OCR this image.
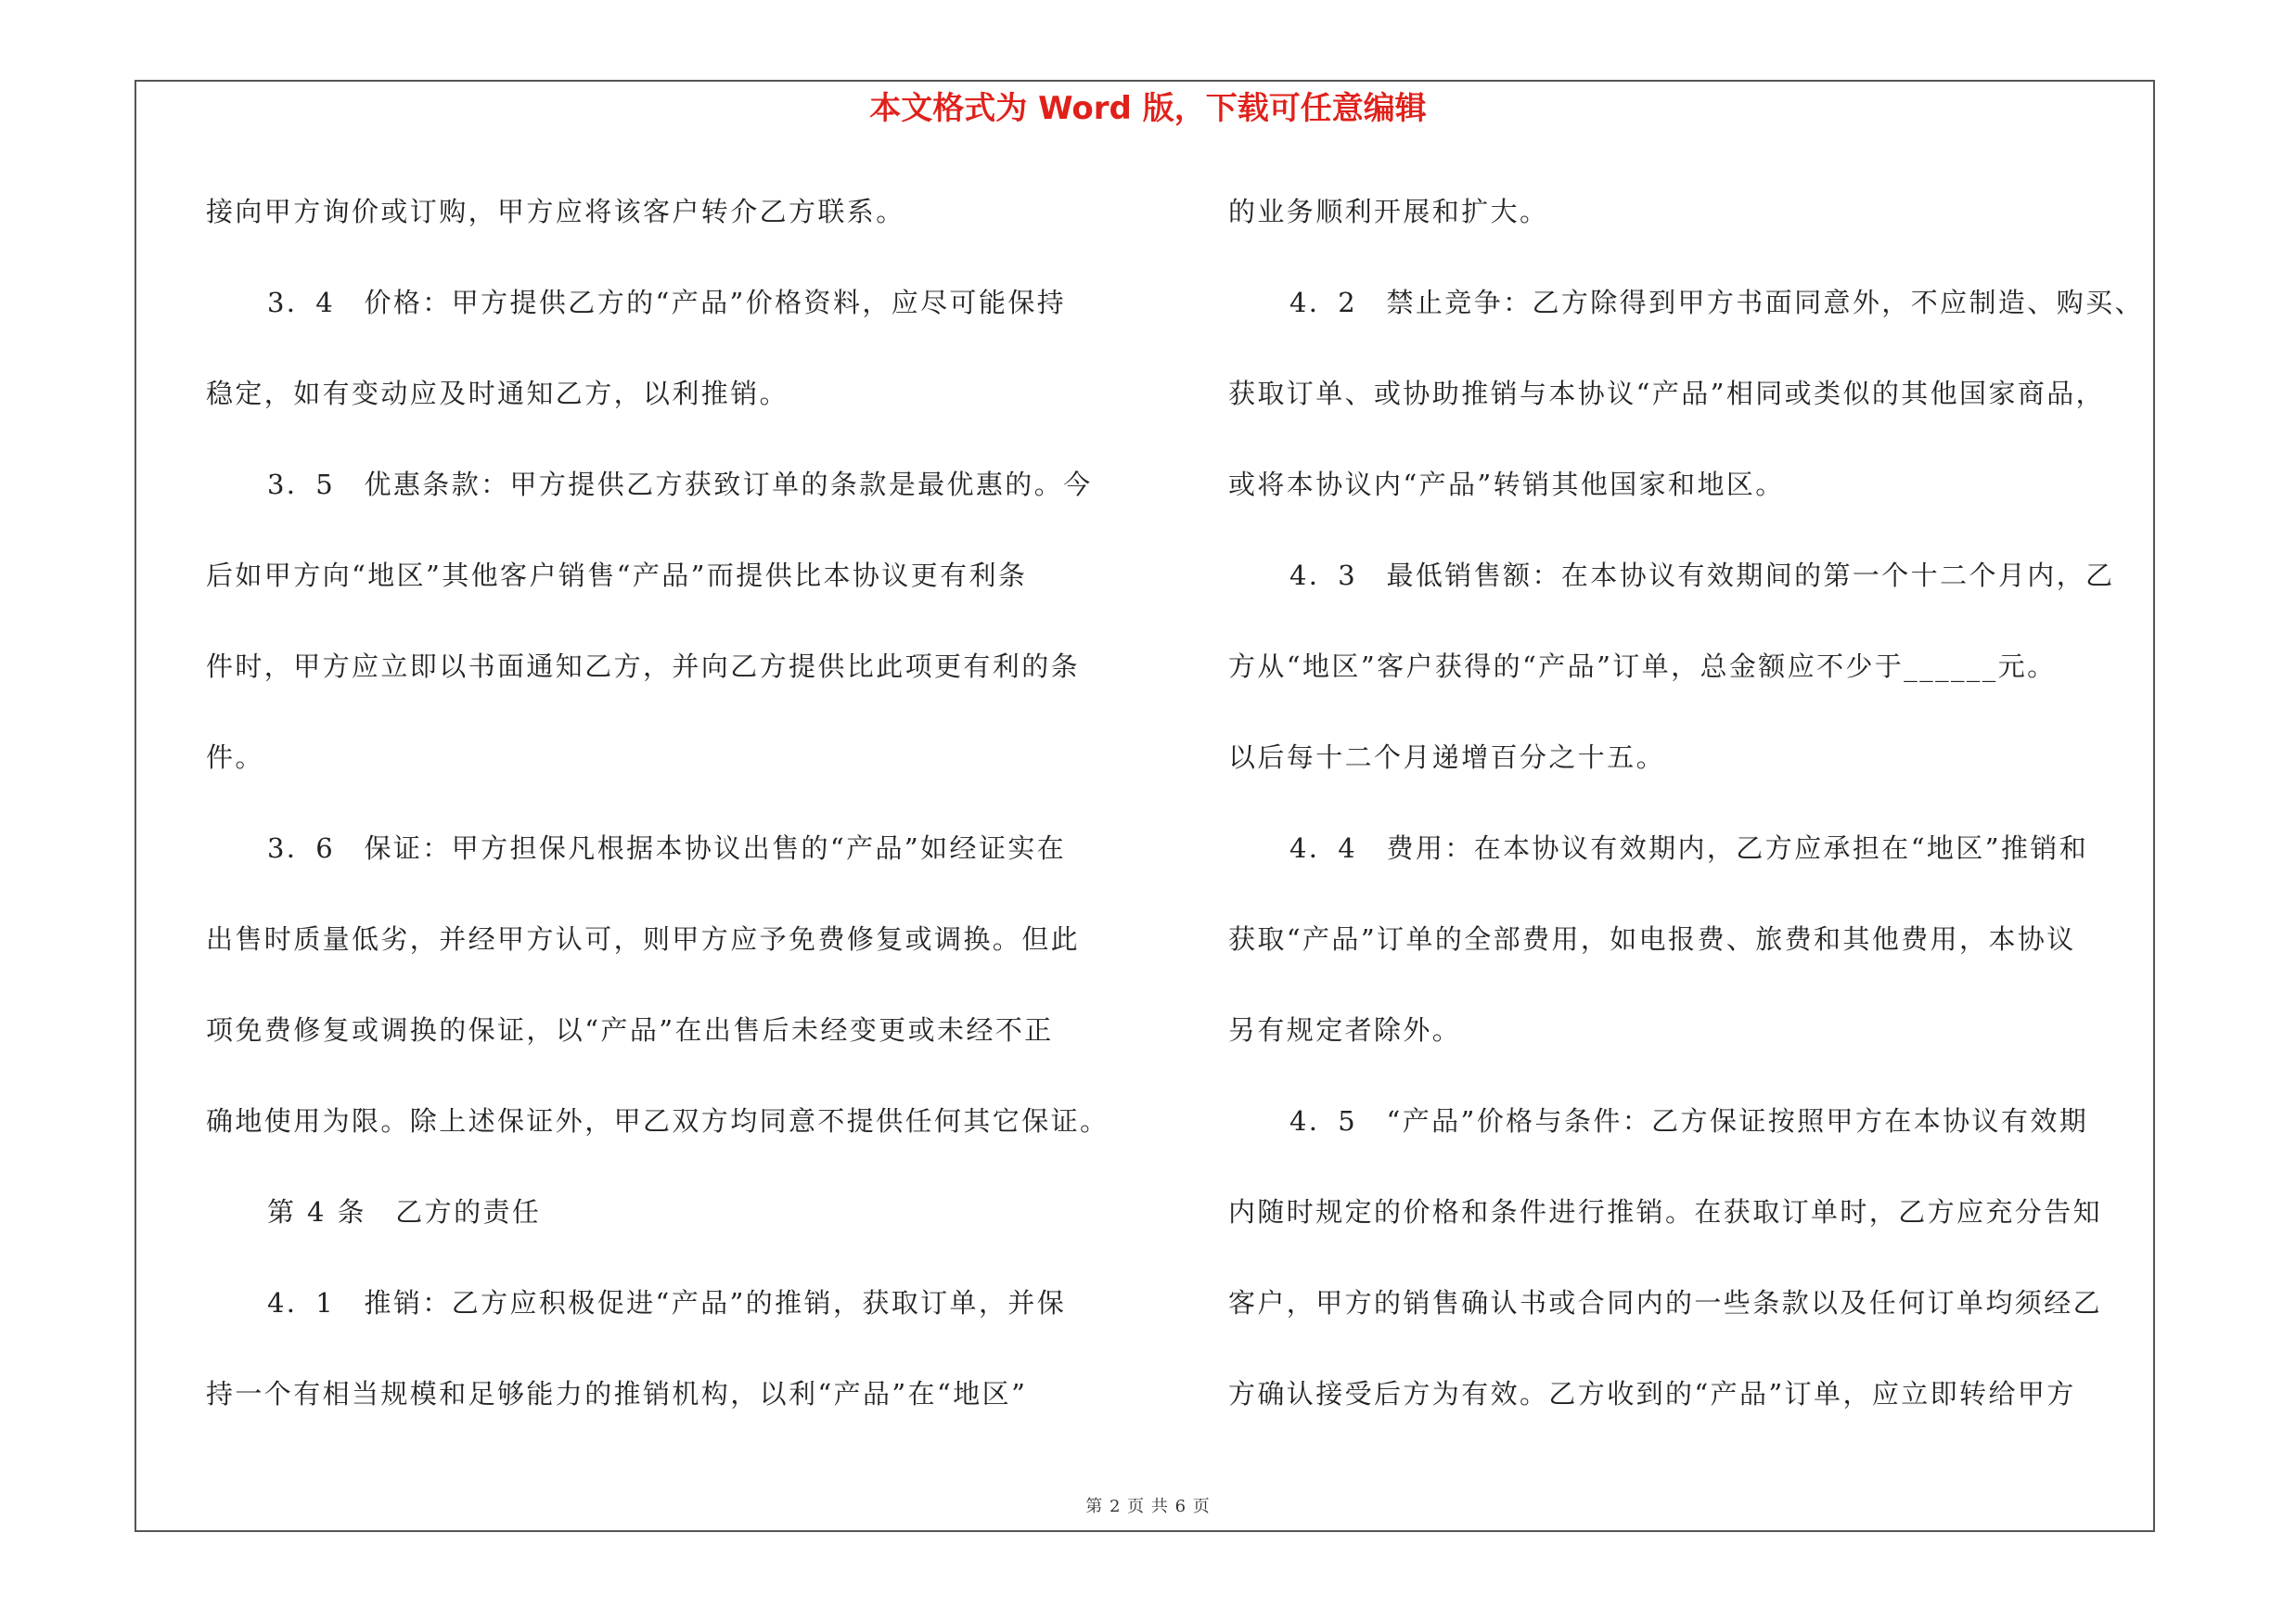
本文格式为 Word 版，下载可任意编辑
接向甲方询价或订购，甲方应将该客户转介乙方联系。
3．4　价格：甲方提供乙方的“产品”价格资料，应尽可能保持
稳定，如有变动应及时通知乙方，以利推销。
3．5　优惠条款：甲方提供乙方获致订单的条款是最优惠的。今
后如甲方向“地区”其他客户销售“产品”而提供比本协议更有利条
件时，甲方应立即以书面通知乙方，并向乙方提供比此项更有利的条
件。
3．6　保证：甲方担保凡根据本协议出售的“产品”如经证实在
出售时质量低劣，并经甲方认可，则甲方应予免费修复或调换。但此
项免费修复或调换的保证，以“产品”在出售后未经变更或未经不正
确地使用为限。除上述保证外，甲乙双方均同意不提供任何其它保证。
第 4 条　乙方的责任
4．1　推销：乙方应积极促进“产品”的推销，获取订单，并保
持一个有相当规模和足够能力的推销机构，以利“产品”在“地区”
的业务顺利开展和扩大。
4．2　禁止竞争：乙方除得到甲方书面同意外，不应制造、购买、
获取订单、或协助推销与本协议“产品”相同或类似的其他国家商品，
或将本协议内“产品”转销其他国家和地区。
4．3　最低销售额：在本协议有效期间的第一个十二个月内，乙
方从“地区”客户获得的“产品”订单，总金额应不少于______元。
以后每十二个月递增百分之十五。
4．4　费用：在本协议有效期内，乙方应承担在“地区”推销和
获取“产品”订单的全部费用，如电报费、旅费和其他费用，本协议
另有规定者除外。
4．5　“产品”价格与条件：乙方保证按照甲方在本协议有效期
内随时规定的价格和条件进行推销。在获取订单时，乙方应充分告知
客户，甲方的销售确认书或合同内的一些条款以及任何订单均须经乙
方确认接受后方为有效。乙方收到的“产品”订单，应立即转给甲方
第 2 页 共 6 页
